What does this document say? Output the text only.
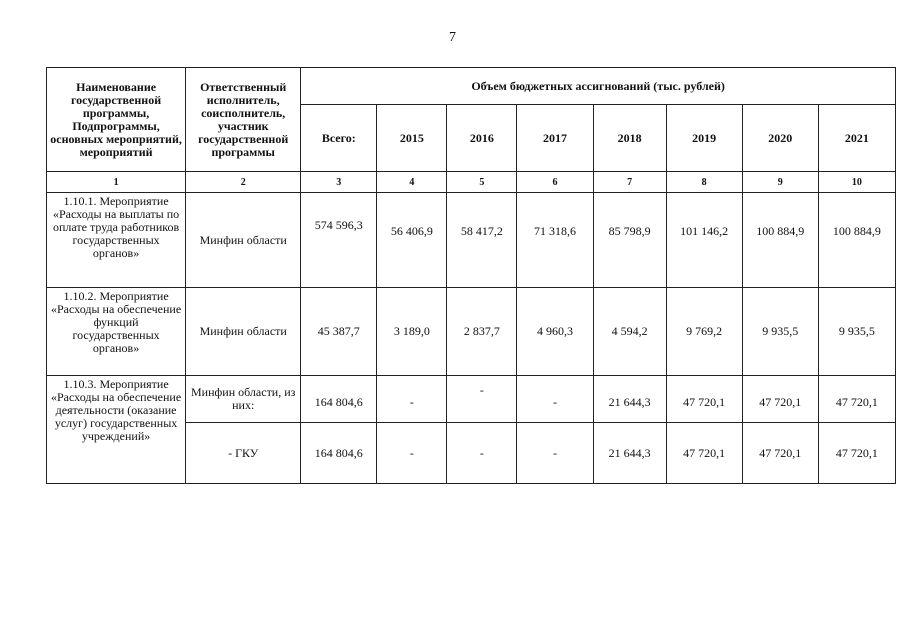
7
Наименование государственной программы, Подпрограммы, основных мероприятий, мероприятий	Ответственный исполнитель, соисполнитель, участник государственной программы	Объем бюджетных ассигнований (тыс. рублей)							
		Всего:	2015	2016	2017	2018	2019	2020	2021
1	2	3	4	5	6	7	8	9	10
1.10.1. Мероприятие «Расходы на выплаты по оплате труда работников государственных органов»	Минфин области	574 596,3	56 406,9	58 417,2	71 318,6	85 798,9	101 146,2	100 884,9	100 884,9
1.10.2. Мероприятие «Расходы на обеспечение функций государственных органов»	Минфин области	45 387,7	3 189,0	2 837,7	4 960,3	4 594,2	9 769,2	9 935,5	9 935,5
1.10.3. Мероприятие «Расходы на обеспечение деятельности (оказание услуг) государственных учреждений»	Минфин области, из них:	164 804,6	-	-	-	21 644,3	47 720,1	47 720,1	47 720,1
	- ГКУ	164 804,6	-	-	-	21 644,3	47 720,1	47 720,1	47 720,1
